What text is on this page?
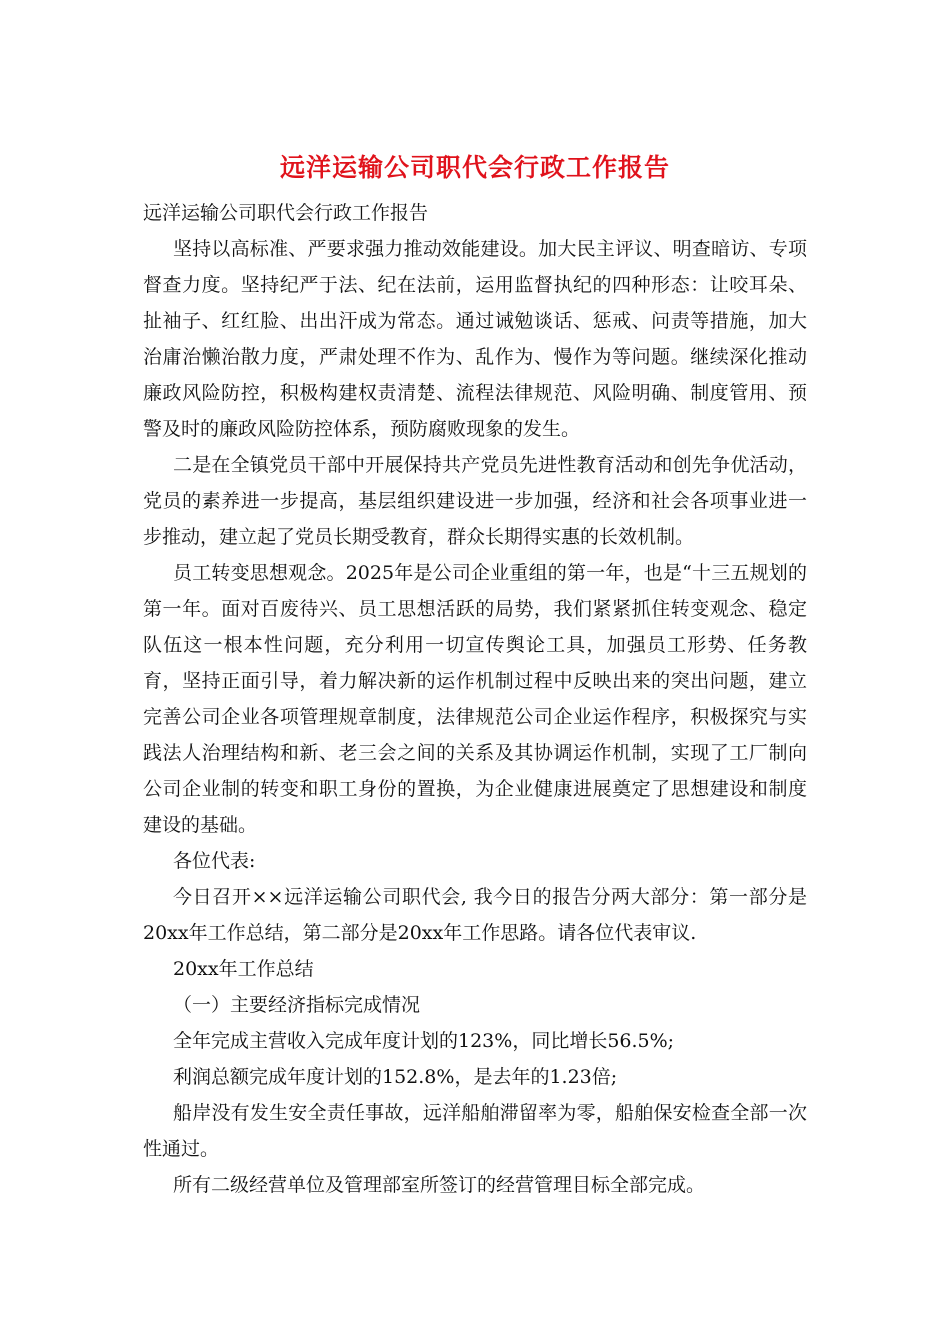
远洋运输公司职代会行政工作报告

远洋运输公司职代会行政工作报告

坚持以高标准、严要求强力推动效能建设。加大民主评议、明查暗访、专项督查力度。坚持纪严于法、纪在法前，运用监督执纪的四种形态：让咬耳朵、扯袖子、红红脸、出出汗成为常态。通过诫勉谈话、惩戒、问责等措施，加大治庸治懒治散力度，严肃处理不作为、乱作为、慢作为等问题。继续深化推动廉政风险防控，积极构建权责清楚、流程法律规范、风险明确、制度管用、预警及时的廉政风险防控体系，预防腐败现象的发生。

二是在全镇党员干部中开展保持共产党员先进性教育活动和创先争优活动，党员的素养进一步提高，基层组织建设进一步加强，经济和社会各项事业进一步推动，建立起了党员长期受教育，群众长期得实惠的长效机制。

员工转变思想观念。2025年是公司企业重组的第一年，也是“十三五规划的第一年。面对百废待兴、员工思想活跃的局势，我们紧紧抓住转变观念、稳定队伍这一根本性问题，充分利用一切宣传舆论工具，加强员工形势、任务教育，坚持正面引导，着力解决新的运作机制过程中反映出来的突出问题，建立完善公司企业各项管理规章制度，法律规范公司企业运作程序，积极探究与实践法人治理结构和新、老三会之间的关系及其协调运作机制，实现了工厂制向公司企业制的转变和职工身份的置换，为企业健康进展奠定了思想建设和制度建设的基础。

各位代表:

今日召开××远洋运输公司职代会, 我今日的报告分两大部分：第一部分是20xx年工作总结，第二部分是20xx年工作思路。请各位代表审议.

20xx年工作总结

（一）主要经济指标完成情况

全年完成主营收入完成年度计划的123%，同比增长56.5%;

利润总额完成年度计划的152.8%，是去年的1.23倍;

船岸没有发生安全责任事故，远洋船舶滞留率为零，船舶保安检查全部一次性通过。

所有二级经营单位及管理部室所签订的经营管理目标全部完成。
